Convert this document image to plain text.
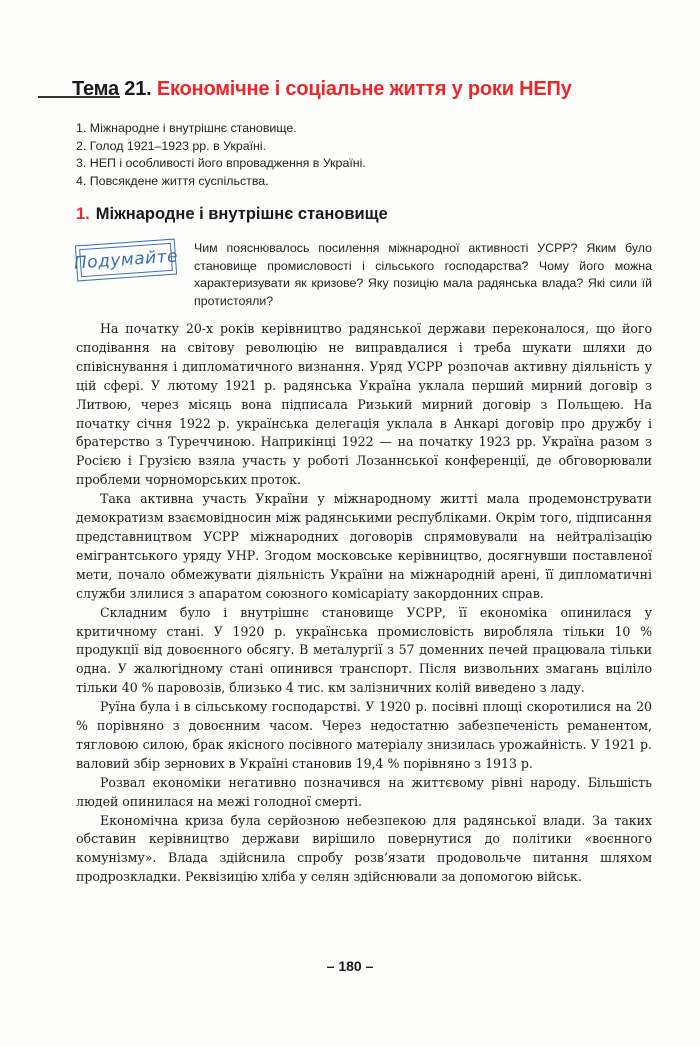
Тема 21. Економічне і соціальне життя у роки НЕПу
1. Міжнародне і внутрішнє становище.
2. Голод 1921–1923 рр. в Україні.
3. НЕП і особливості його впровадження в Україні.
4. Повсякдене життя суспільства.
1. Міжнародне і внутрішнє становище

Чим пояснювалось посилення міжнародної активності УСРР? Яким було становище промисловості і сільського господарства? Чому його можна характеризувати як кризове? Яку позицію мала радянська влада? Які сили їй протистояли?

Подумайте

На початку 20-х років керівництво радянської держави переконалося, що його сподівання на світову революцію не виправдалися і треба шукати шляхи до співіснування і дипломатичного визнання. Уряд УСРР розпочав активну діяльність у цій сфері. У лютому 1921 р. радянська Україна уклала перший мирний договір з Литвою, через місяць вона підписала Ризький мирний договір з Польщею. На початку січня 1922 р. українська делегація уклала в Анкарі договір про дружбу і братерство з Туреччиною. Наприкінці 1922 — на початку 1923 рр. Україна разом з Росією і Грузією взяла участь у роботі Лозаннської конференції, де обговорювали проблеми чорноморських проток.

Така активна участь України у міжнародному житті мала продемонструвати демократизм взаємовідносин між радянськими республіками. Окрім того, підписання представництвом УСРР міжнародних договорів спрямовували на нейтралізацію емігрантського уряду УНР. Згодом московське керівництво, досягнувши поставленої мети, почало обмежувати діяльність України на міжнародній арені, її дипломатичні служби злилися з апаратом союзного комісаріату закордонних справ.

Складним було і внутрішнє становище УСРР, її економіка опинилася у критичному стані. У 1920 р. українська промисловість виробляла тільки 10 % продукції від довоєнного обсягу. В металургії з 57 доменних печей працювала тільки одна. У жалюгідному стані опинився транспорт. Після визвольних змагань вціліло тільки 40 % паровозів, близько 4 тис. км залізничних колій виведено з ладу.

Руїна була і в сільському господарстві. У 1920 р. посівні площі скоротилися на 20 % порівняно з довоєнним часом. Через недостатню забезпеченість реманентом, тягловою силою, брак якісного посівного матеріалу знизилась урожайність. У 1921 р. валовий збір зернових в Україні становив 19,4 % порівняно з 1913 р.

Розвал економіки негативно позначився на життєвому рівні народу. Більшість людей опинилася на межі голодної смерті.

Економічна криза була серйозною небезпекою для радянської влади. За таких обставин керівництво держави вирішило повернутися до політики «воєнного комунізму». Влада здійснила спробу розв’язати продовольче питання шляхом продрозкладки. Реквізицію хліба у селян здійснювали за допомогою військ.

– 180 –
